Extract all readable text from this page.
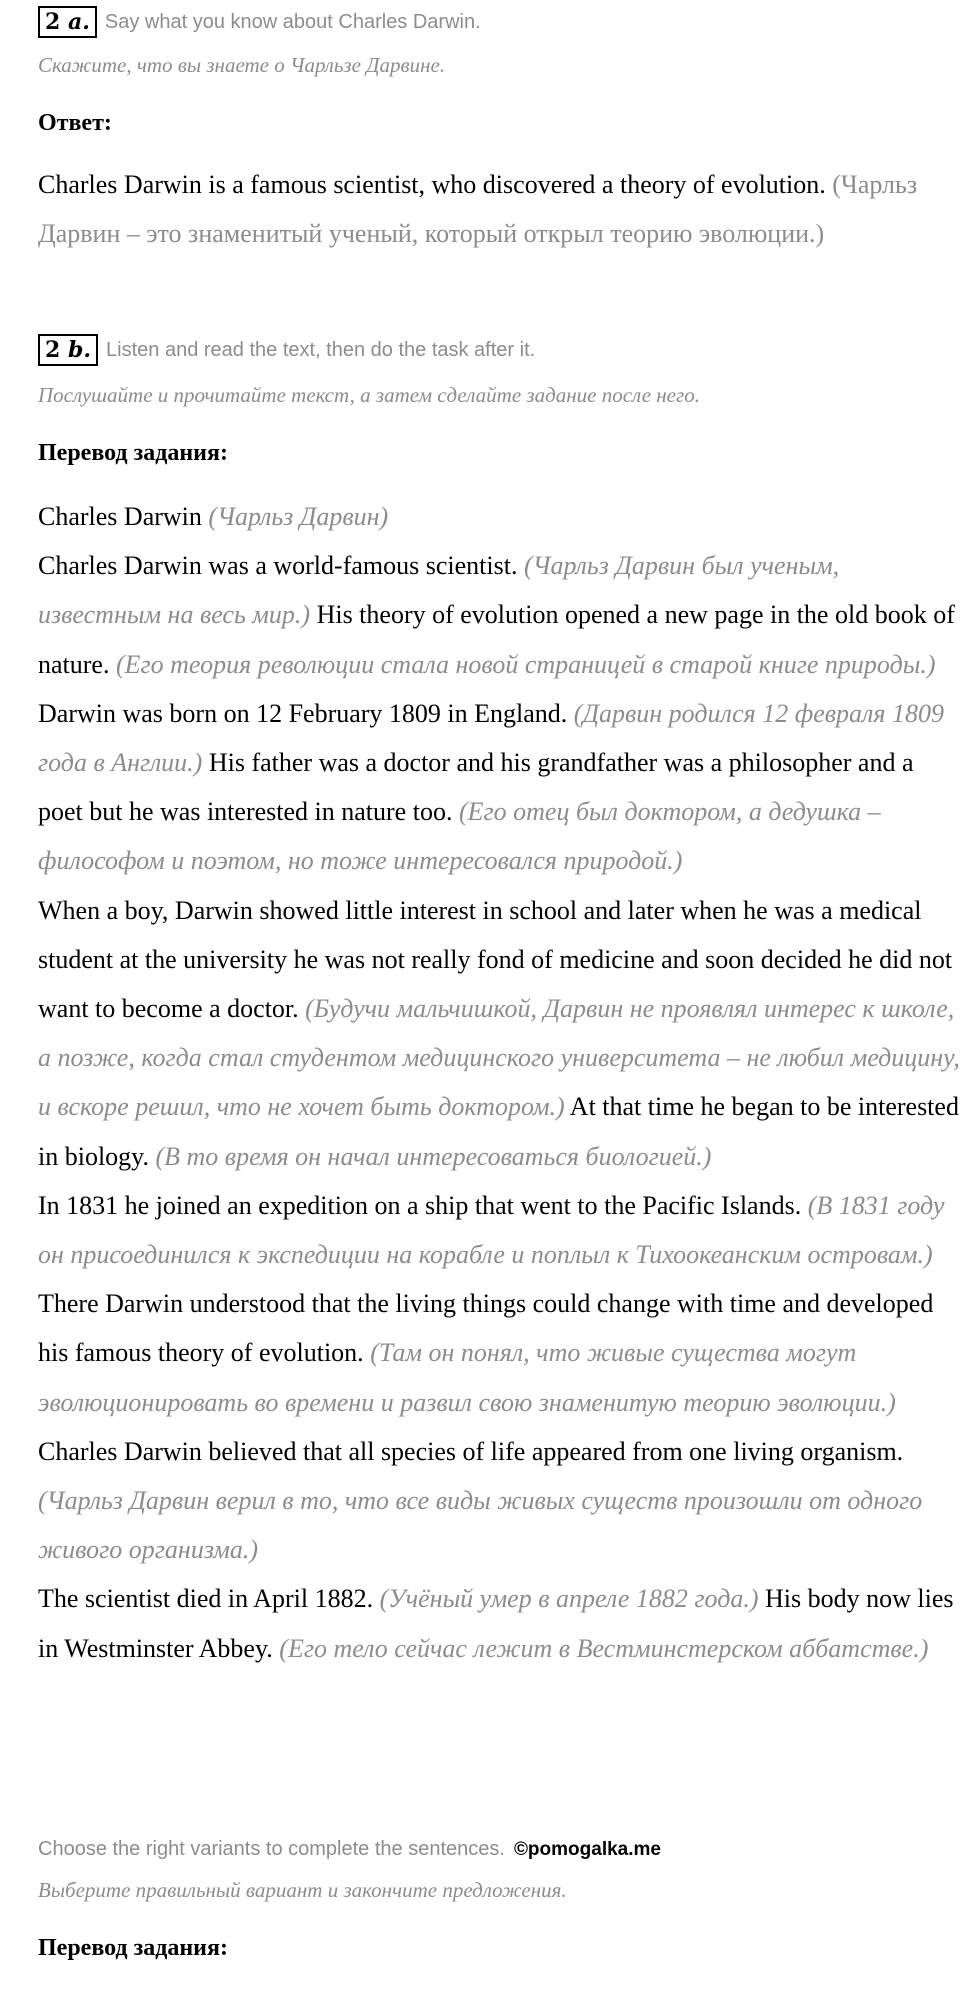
2 a. Say what you know about Charles Darwin.
Скажите, что вы знаете о Чарльзе Дарвине.
Ответ:
Charles Darwin is a famous scientist, who discovered a theory of evolution. (Чарльз Дарвин – это знаменитый ученый, который открыл теорию эволюции.)
2 b. Listen and read the text, then do the task after it.
Послушайте и прочитайте текст, а затем сделайте задание после него.
Перевод задания:

Charles Darwin (Чарльз Дарвин)

Charles Darwin was a world-famous scientist. (Чарльз Дарвин был ученым, известным на весь мир.) His theory of evolution opened a new page in the old book of nature. (Его теория революции стала новой страницей в старой книге природы.) Darwin was born on 12 February 1809 in England. (Дарвин родился 12 февраля 1809 года в Англии.) His father was a doctor and his grandfather was a philosopher and a poet but he was interested in nature too. (Его отец был доктором, а дедушка – философом и поэтом, но тоже интересовался природой.)

When a boy, Darwin showed little interest in school and later when he was a medical student at the university he was not really fond of medicine and soon decided he did not want to become a doctor. (Будучи мальчишкой, Дарвин не проявлял интерес к школе, а позже, когда стал студентом медицинского университета – не любил медицину, и вскоре решил, что не хочет быть доктором.) At that time he began to be interested in biology. (В то время он начал интересоваться биологией.)

In 1831 he joined an expedition on a ship that went to the Pacific Islands. (В 1831 году он присоединился к экспедиции на корабле и поплыл к Тихоокеанским островам.) There Darwin understood that the living things could change with time and developed his famous theory of evolution. (Там он понял, что живые существа могут эволюционировать во времени и развил свою знаменитую теорию эволюции.) Charles Darwin believed that all species of life appeared from one living organism. (Чарльз Дарвин верил в то, что все виды живых существ произошли от одного живого организма.)

The scientist died in April 1882. (Учёный умер в апреле 1882 года.) His body now lies in Westminster Abbey. (Его тело сейчас лежит в Вестминстерском аббатстве.)

Choose the right variants to complete the sentences. ©pomogalka.me
Выберите правильный вариант и закончите предложения.
Перевод задания:
